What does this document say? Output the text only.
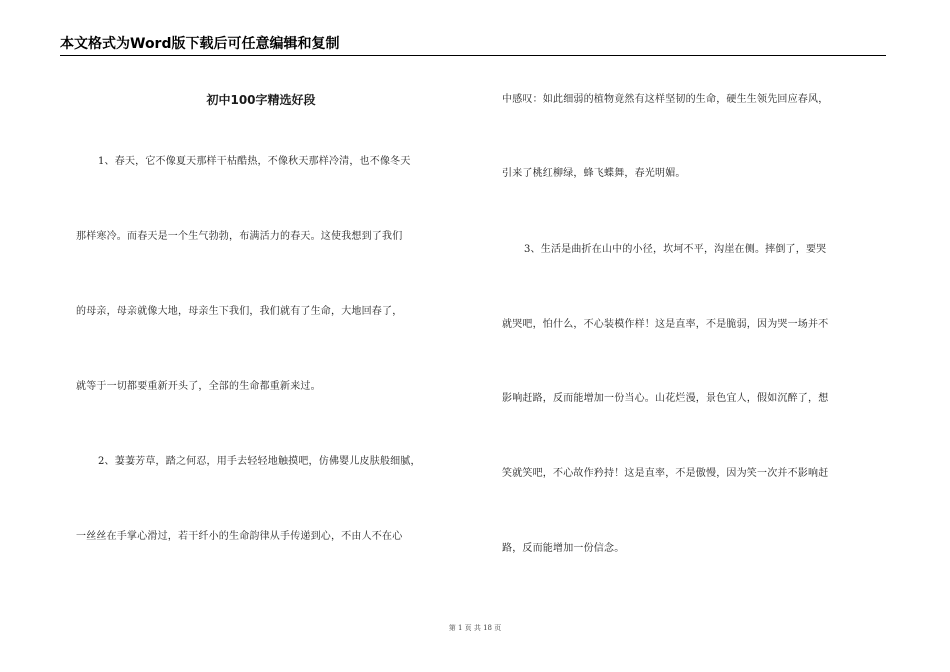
本文格式为Word版下载后可任意编辑和复制
初中100字精选好段
1、春天，它不像夏天那样干枯酷热，不像秋天那样冷清，也不像冬天
那样寒冷。而春天是一个生气勃勃，布满活力的春天。这使我想到了我们
的母亲，母亲就像大地，母亲生下我们，我们就有了生命，大地回春了，
就等于一切都要重新开头了，全部的生命都重新来过。
2、萋萋芳草，踏之何忍，用手去轻轻地触摸吧，仿佛婴儿皮肤般细腻，
一丝丝在手掌心滑过，若干纤小的生命韵律从手传递到心，不由人不在心
中感叹：如此细弱的植物竟然有这样坚韧的生命，硬生生领先回应春风，
引来了桃红柳绿，蜂飞蝶舞，春光明媚。
3、生活是曲折在山中的小径，坎坷不平，沟崖在侧。摔倒了，要哭
就哭吧，怕什么，不心装模作样！这是直率，不是脆弱，因为哭一场并不
影响赶路，反而能增加一份当心。山花烂漫，景色宜人，假如沉醉了，想
笑就笑吧，不心故作矜持！这是直率，不是傲慢，因为笑一次并不影响赶
路，反而能增加一份信念。
第 1 页 共 18 页
